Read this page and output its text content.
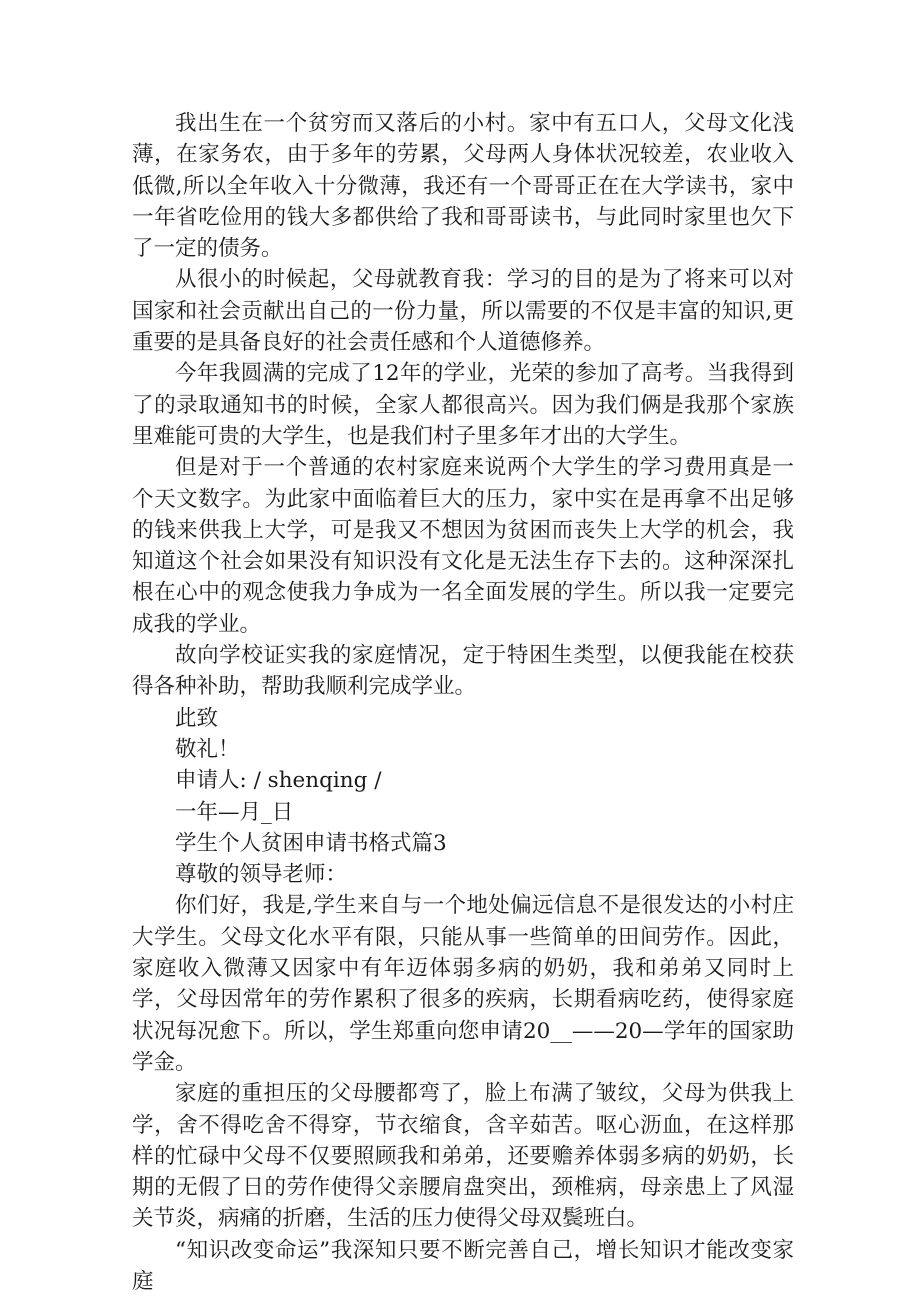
我出生在一个贫穷而又落后的小村。家中有五口人，父母文化浅薄，在家务农，由于多年的劳累，父母两人身体状况较差，农业收入低微,所以全年收入十分微薄，我还有一个哥哥正在在大学读书，家中一年省吃俭用的钱大多都供给了我和哥哥读书，与此同时家里也欠下了一定的债务。

从很小的时候起，父母就教育我：学习的目的是为了将来可以对国家和社会贡献出自己的一份力量，所以需要的不仅是丰富的知识,更重要的是具备良好的社会责任感和个人道德修养。

今年我圆满的完成了12年的学业，光荣的参加了高考。当我得到了的录取通知书的时候，全家人都很高兴。因为我们俩是我那个家族里难能可贵的大学生，也是我们村子里多年才出的大学生。

但是对于一个普通的农村家庭来说两个大学生的学习费用真是一个天文数字。为此家中面临着巨大的压力，家中实在是再拿不出足够的钱来供我上大学，可是我又不想因为贫困而丧失上大学的机会，我知道这个社会如果没有知识没有文化是无法生存下去的。这种深深扎根在心中的观念使我力争成为一名全面发展的学生。所以我一定要完成我的学业。

故向学校证实我的家庭情况，定于特困生类型，以便我能在校获得各种补助，帮助我顺利完成学业。

此致

敬礼！

申请人: / shenqing /

一年—月_日

学生个人贫困申请书格式篇3

尊敬的领导老师：

你们好，我是,学生来自与一个地处偏远信息不是很发达的小村庄大学生。父母文化水平有限，只能从事一些简单的田间劳作。因此，家庭收入微薄又因家中有年迈体弱多病的奶奶，我和弟弟又同时上学，父母因常年的劳作累积了很多的疾病，长期看病吃药，使得家庭状况每况愈下。所以，学生郑重向您申请20__——20—学年的国家助学金。

家庭的重担压的父母腰都弯了，脸上布满了皱纹，父母为供我上学，舍不得吃舍不得穿，节衣缩食，含辛茹苦。呕心沥血，在这样那样的忙碌中父母不仅要照顾我和弟弟，还要赡养体弱多病的奶奶，长期的无假了日的劳作使得父亲腰肩盘突出，颈椎病，母亲患上了风湿关节炎，病痛的折磨，生活的压力使得父母双鬓班白。

“知识改变命运”我深知只要不断完善自己，增长知识才能改变家庭
